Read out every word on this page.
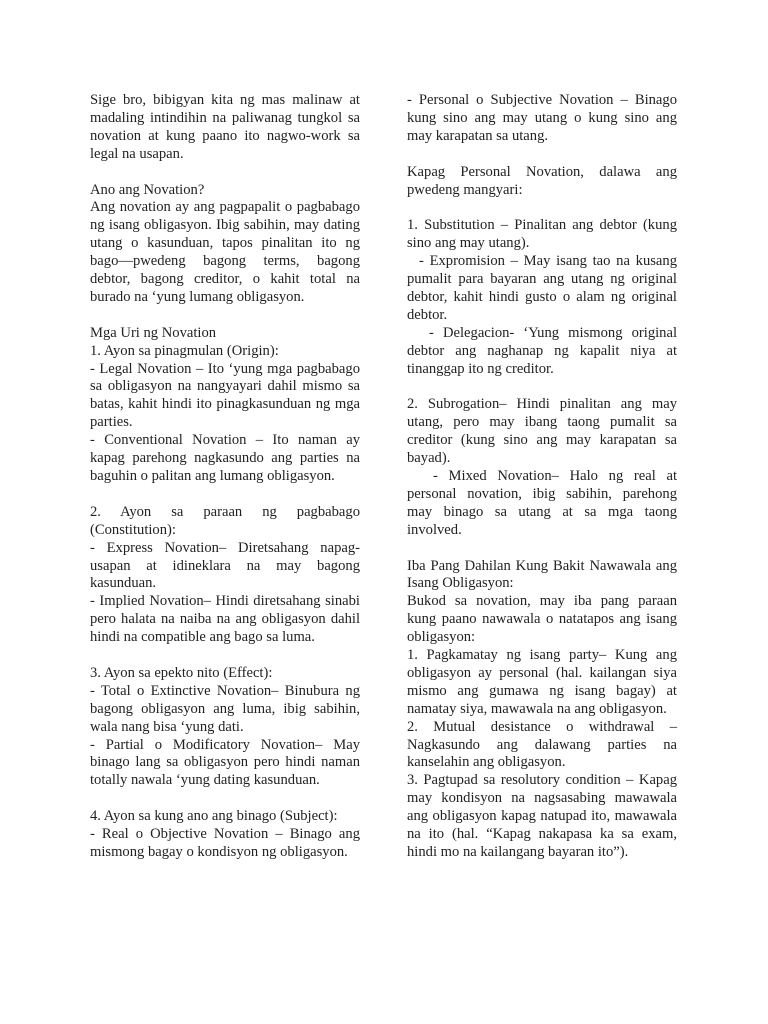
Sige bro, bibigyan kita ng mas malinaw at madaling intindihin na paliwanag tungkol sa novation at kung paano ito nagwo-work sa legal na usapan.

Ano ang Novation?

Ang novation ay ang pagpapalit o pagbabago ng isang obligasyon. Ibig sabihin, may dating utang o kasunduan, tapos pinalitan ito ng bago—pwedeng bagong terms, bagong debtor, bagong creditor, o kahit total na burado na ‘yung lumang obligasyon.

Mga Uri ng Novation

1. Ayon sa pinagmulan (Origin):

- Legal Novation – Ito ‘yung mga pagbabago sa obligasyon na nangyayari dahil mismo sa batas, kahit hindi ito pinagkasunduan ng mga parties.

- Conventional Novation – Ito naman ay kapag parehong nagkasundo ang parties na baguhin o palitan ang lumang obligasyon.

2. Ayon sa paraan ng pagbabago (Constitution):

- Express Novation– Diretsahang napag-usapan at idineklara na may bagong kasunduan.

- Implied Novation– Hindi diretsahang sinabi pero halata na naiba na ang obligasyon dahil hindi na compatible ang bago sa luma.

3. Ayon sa epekto nito (Effect):

- Total o Extinctive Novation– Binubura ng bagong obligasyon ang luma, ibig sabihin, wala nang bisa ‘yung dati.

- Partial o Modificatory Novation– May binago lang sa obligasyon pero hindi naman totally nawala ‘yung dating kasunduan.

4. Ayon sa kung ano ang binago (Subject):

- Real o Objective Novation – Binago ang mismong bagay o kondisyon ng obligasyon.

- Personal o Subjective Novation – Binago kung sino ang may utang o kung sino ang may karapatan sa utang.

Kapag Personal Novation, dalawa ang pwedeng mangyari:

1. Substitution – Pinalitan ang debtor (kung sino ang may utang).

- Expromision – May isang tao na kusang pumalit para bayaran ang utang ng original debtor, kahit hindi gusto o alam ng original debtor.

- Delegacion- ‘Yung mismong original debtor ang naghanap ng kapalit niya at tinanggap ito ng creditor.

2. Subrogation– Hindi pinalitan ang may utang, pero may ibang taong pumalit sa creditor (kung sino ang may karapatan sa bayad).

- Mixed Novation– Halo ng real at personal novation, ibig sabihin, parehong may binago sa utang at sa mga taong involved.

Iba Pang Dahilan Kung Bakit Nawawala ang Isang Obligasyon:

Bukod sa novation, may iba pang paraan kung paano nawawala o natatapos ang isang obligasyon:

1. Pagkamatay ng isang party– Kung ang obligasyon ay personal (hal. kailangan siya mismo ang gumawa ng isang bagay) at namatay siya, mawawala na ang obligasyon.

2. Mutual desistance o withdrawal – Nagkasundo ang dalawang parties na kanselahin ang obligasyon.

3. Pagtupad sa resolutory condition – Kapag may kondisyon na nagsasabing mawawala ang obligasyon kapag natupad ito, mawawala na ito (hal. “Kapag nakapasa ka sa exam, hindi mo na kailangang bayaran ito”).
